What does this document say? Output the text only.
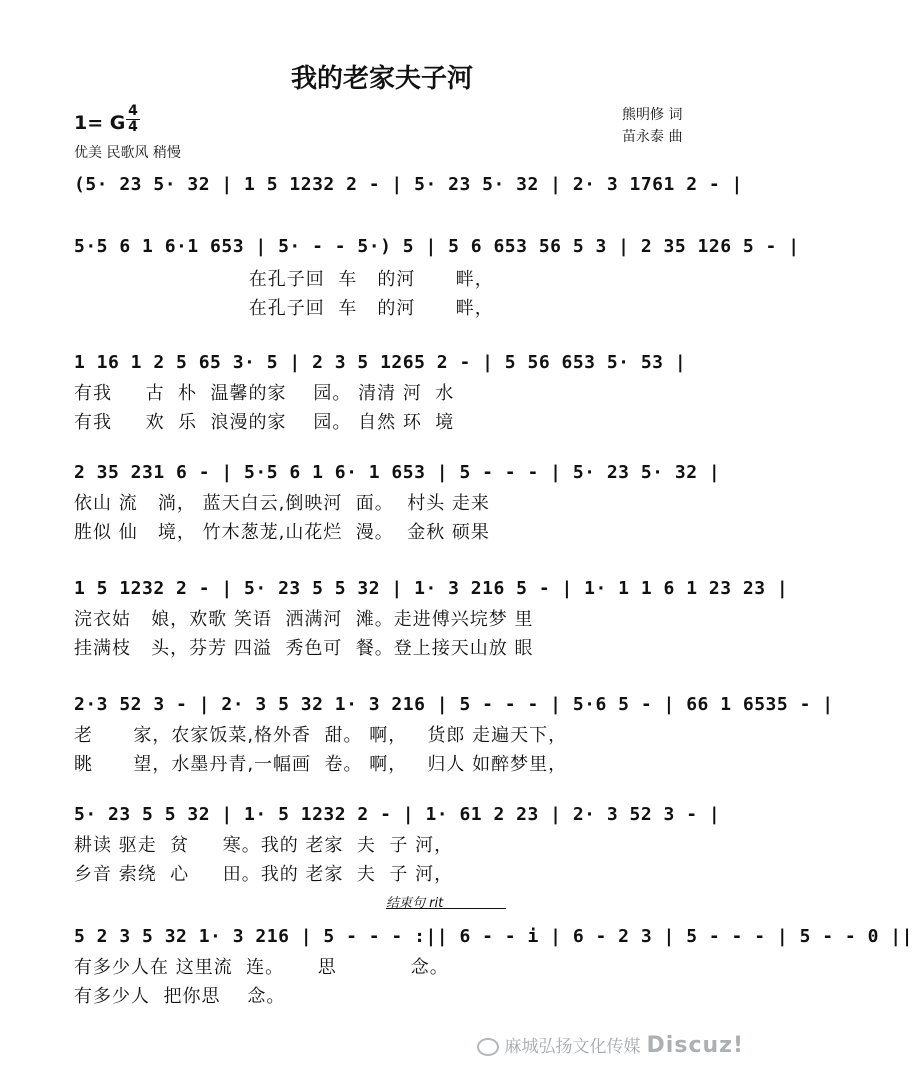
我的老家夫子河
1= G
4
4
优美 民歌风 稍慢
熊明修 词
苗永泰 曲
(5· 23 5· 32 | 1 5 1232 2 - | 5· 23 5· 32 | 2· 3 1761 2 - |
5·5 6 1 6·1 653 | 5· - - 5·) 5 | 5 6 653 56 5 3 | 2 35 126 5 - |
在孔子回  车   的河      畔，
在孔子回  车   的河      畔，
1 16 1 2 5 65 3· 5 | 2 3 5 1265 2 - | 5 56 653 5· 53 |
有我     古  朴  温馨的家    园。 清清 河  水
有我     欢  乐  浪漫的家    园。 自然 环  境
2 35 231 6 - | 5·5 6 1 6· 1 653 | 5 - - - | 5· 23 5· 32 |
依山 流   淌， 蓝天白云,倒映河  面。  村头 走来
胜似 仙   境， 竹木葱茏,山花烂  漫。  金秋 硕果
1 5 1232 2 - | 5· 23 5 5 32 | 1· 3 216 5 - | 1· 1 1 6 1 23 23 |
浣衣姑   娘，欢歌 笑语  洒满河  滩。走进傅兴垸梦 里
挂满枝   头，芬芳 四溢  秀色可  餐。登上接天山放 眼
2·3 52 3 - | 2· 3 5 32 1· 3 216 | 5 - - - | 5·6 5 - | 66 1 6535 - |
老      家，农家饭菜,格外香  甜。 啊，   货郎 走遍天下，
眺      望，水墨丹青,一幅画  卷。 啊，   归人 如醉梦里，
5· 23 5 5 32 | 1· 5 1232 2 - | 1· 61 2 23 | 2· 3 52 3 - |
耕读 驱走  贫     寒。我的 老家  夫  子 河，
乡音 索绕  心     田。我的 老家  夫  子 河，
结束句 rit
5 2 3 5 32 1· 3 216 | 5 - - - :|| 6 - - i | 6 - 2 3 | 5 - - - | 5 - - 0 ||
有多少人在 这里流  连。     思           念。
有多少人  把你思    念。
麻城弘扬文化传媒 Discuz!
